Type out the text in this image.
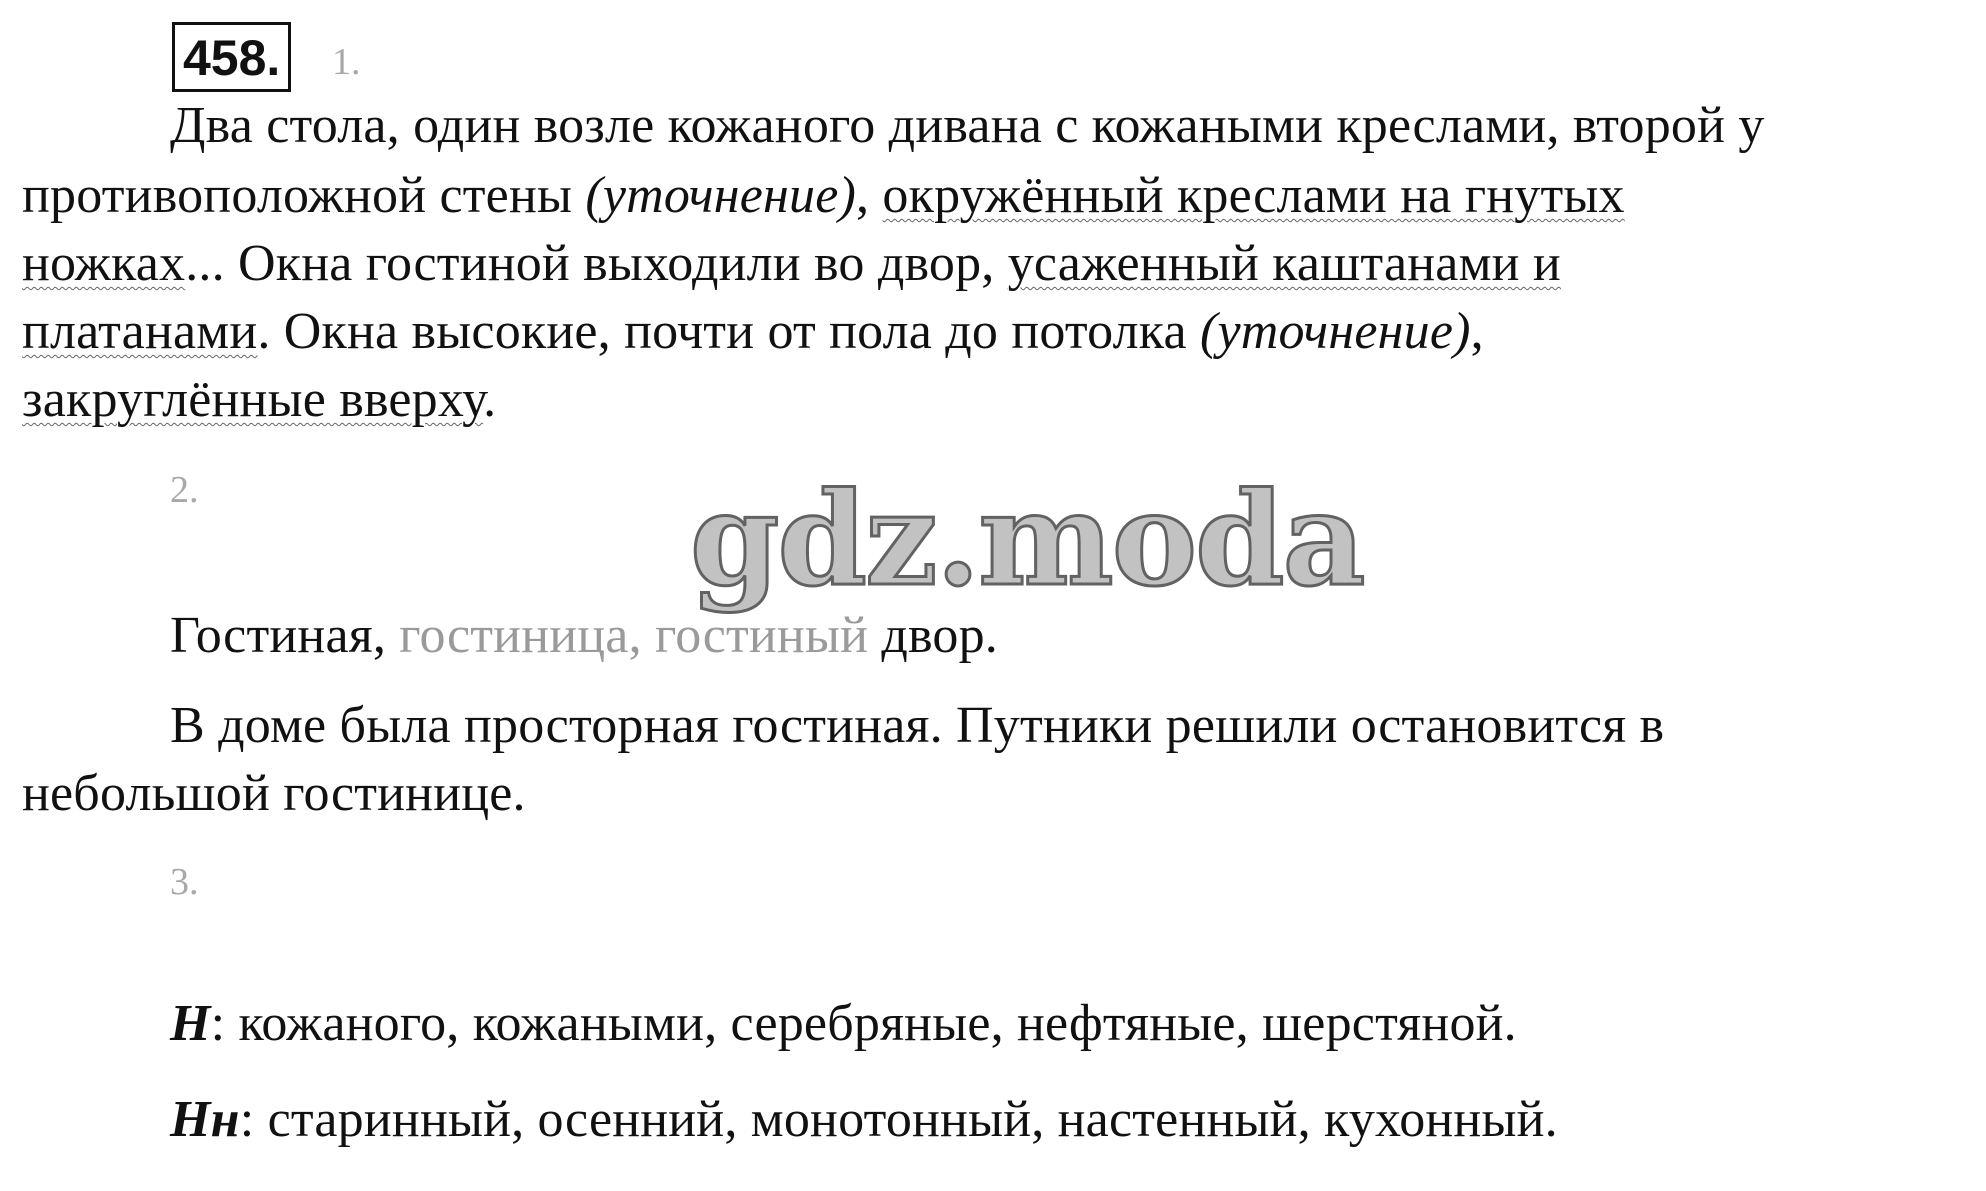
458. 1.
Два стола, один возле кожаного дивана с кожаными креслами, второй у
противоположной стены (уточнение), окружённый креслами на гнутых
ножках... Окна гостиной выходили во двор, усаженный каштанами и
платанами. Окна высокие, почти от пола до потолка (уточнение),
закруглённые вверху.
2.
Гостиная, гостиница, гостиный двор.
gdz.moda
В доме была просторная гостиная. Путники решили остановится в
небольшой гостинице.
3.
Н: кожаного, кожаными, серебряные, нефтяные, шерстяной.
Нн: старинный, осенний, монотонный, настенный, кухонный.
